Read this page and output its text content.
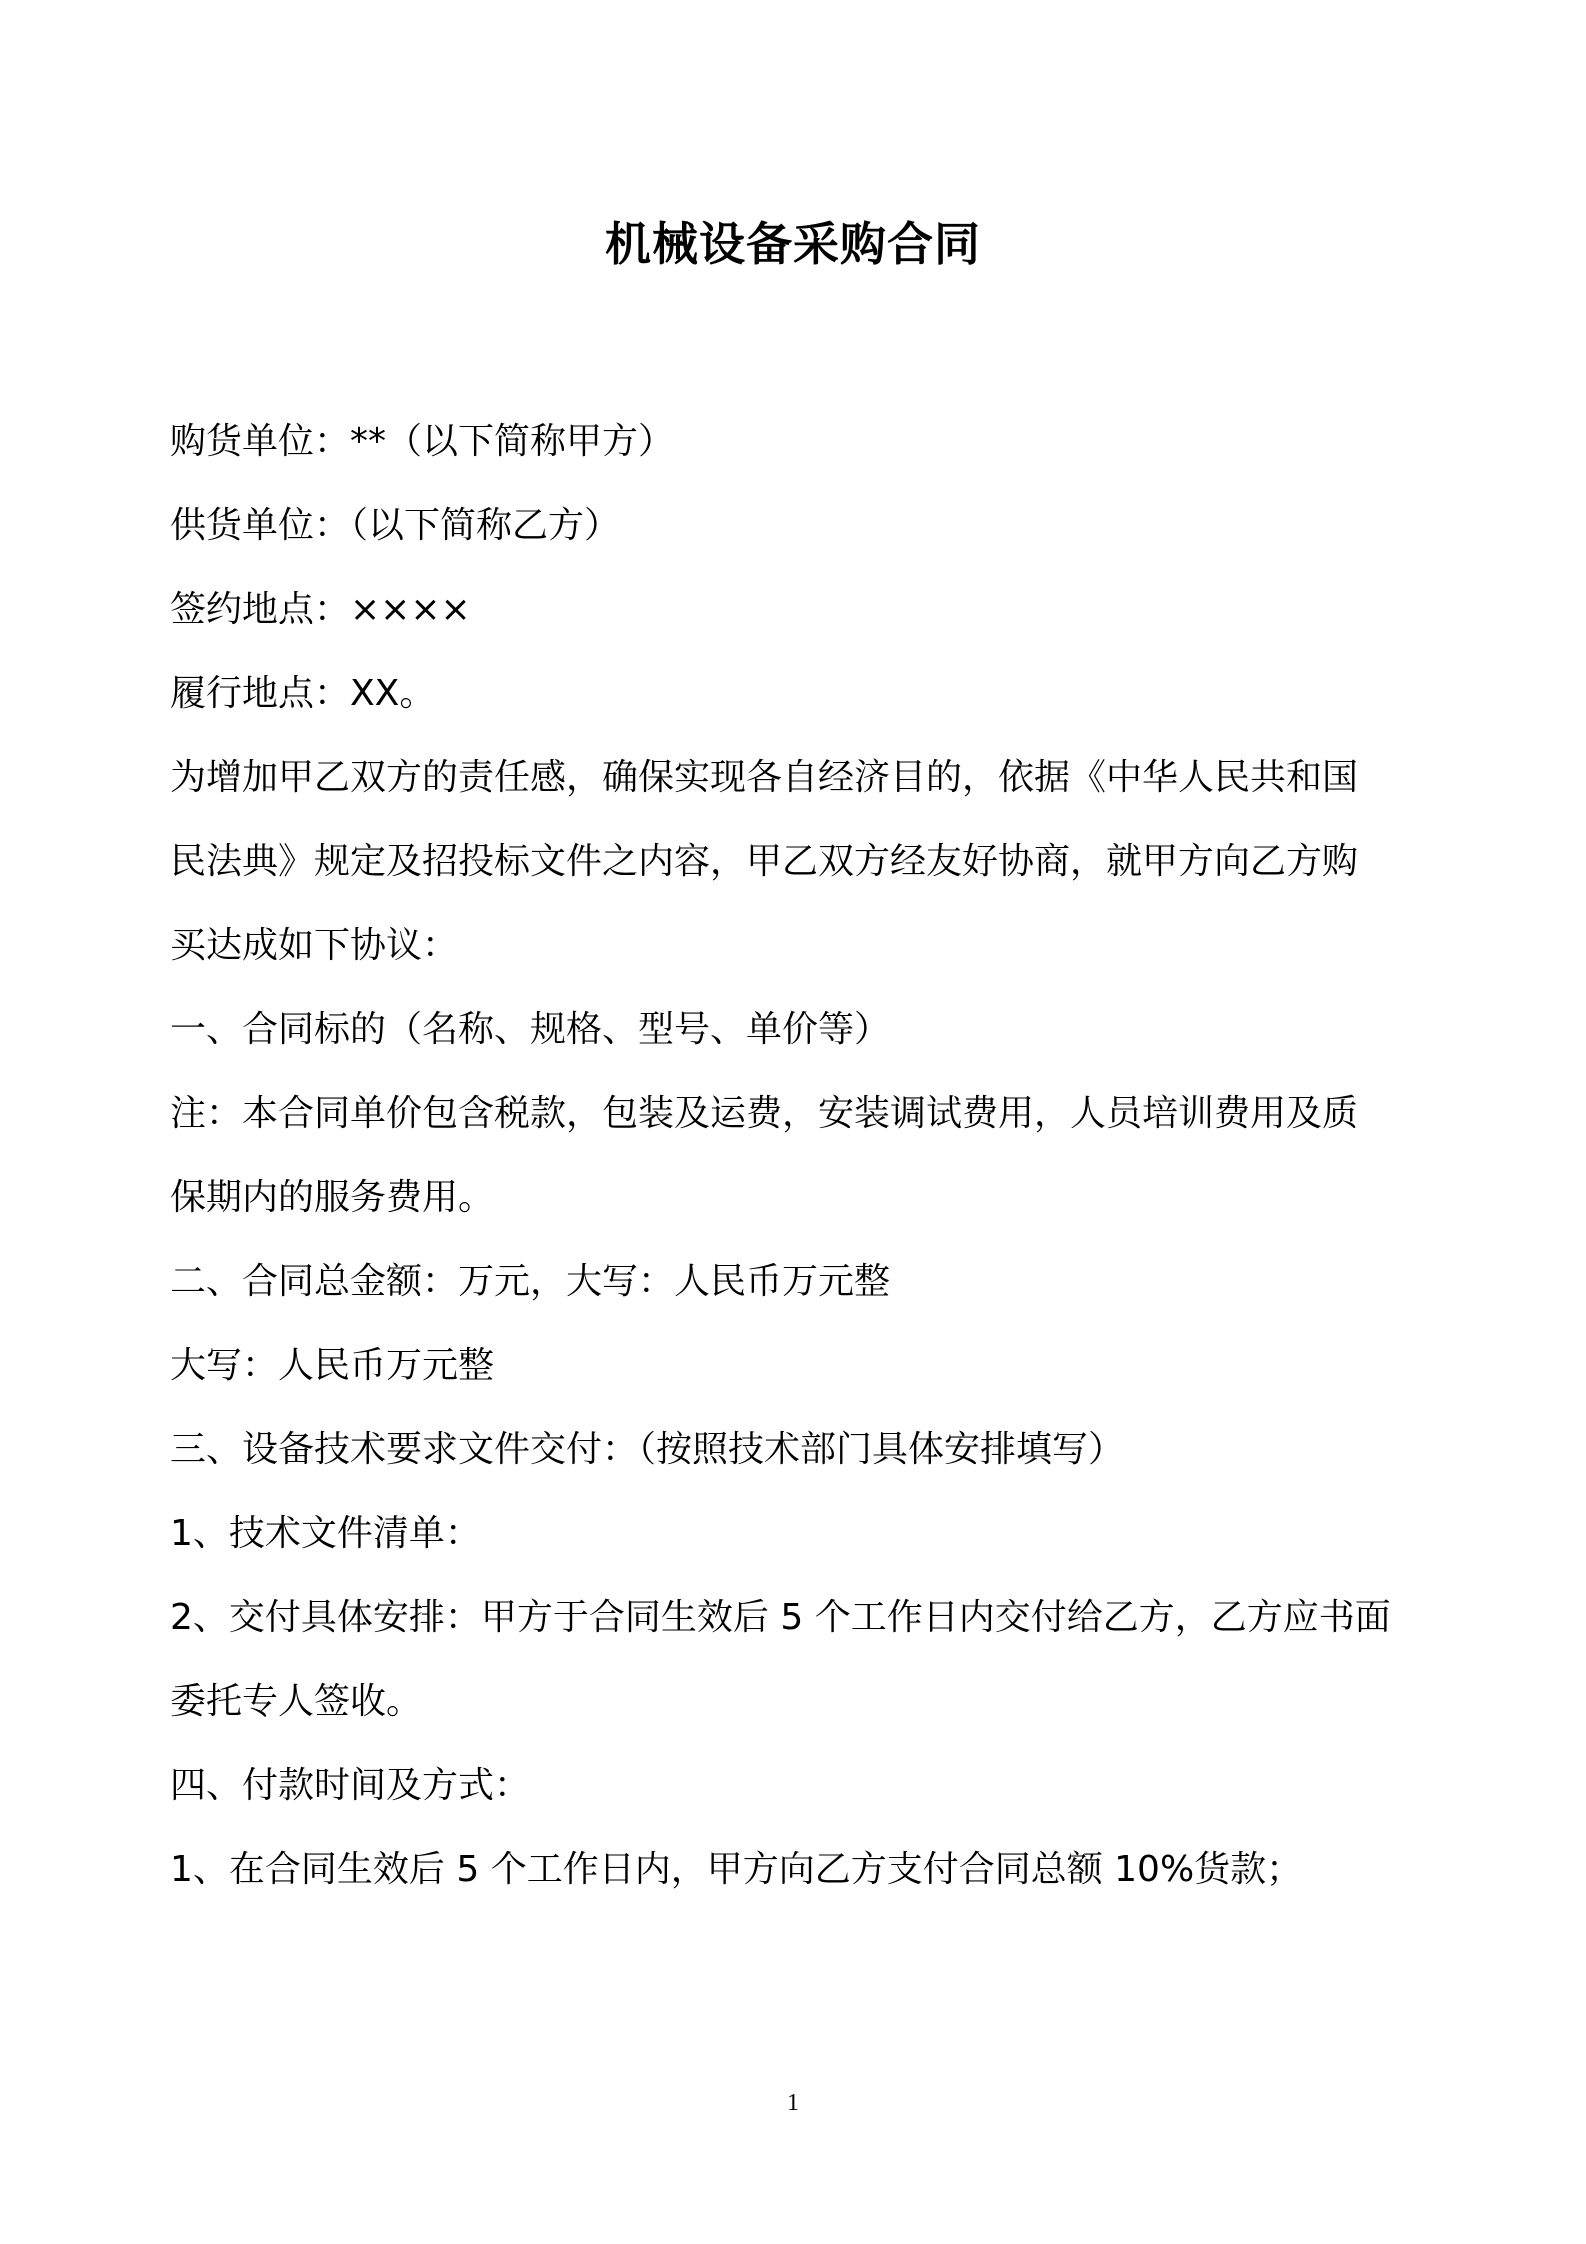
机械设备采购合同

购货单位：**（以下简称甲方）

供货单位：（以下简称乙方）

签约地点：××××

履行地点：XX。

为增加甲乙双方的责任感，确保实现各自经济目的，依据《中华人民共和国

民法典》规定及招投标文件之内容，甲乙双方经友好协商，就甲方向乙方购

买达成如下协议：

一、合同标的（名称、规格、型号、单价等）

注：本合同单价包含税款，包装及运费，安装调试费用，人员培训费用及质

保期内的服务费用。

二、合同总金额：万元，大写：人民币万元整

大写：人民币万元整

三、设备技术要求文件交付：（按照技术部门具体安排填写）

1、技术文件清单：

2、交付具体安排：甲方于合同生效后 5 个工作日内交付给乙方，乙方应书面

委托专人签收。

四、付款时间及方式：

1、在合同生效后 5 个工作日内，甲方向乙方支付合同总额 10%货款；

1
